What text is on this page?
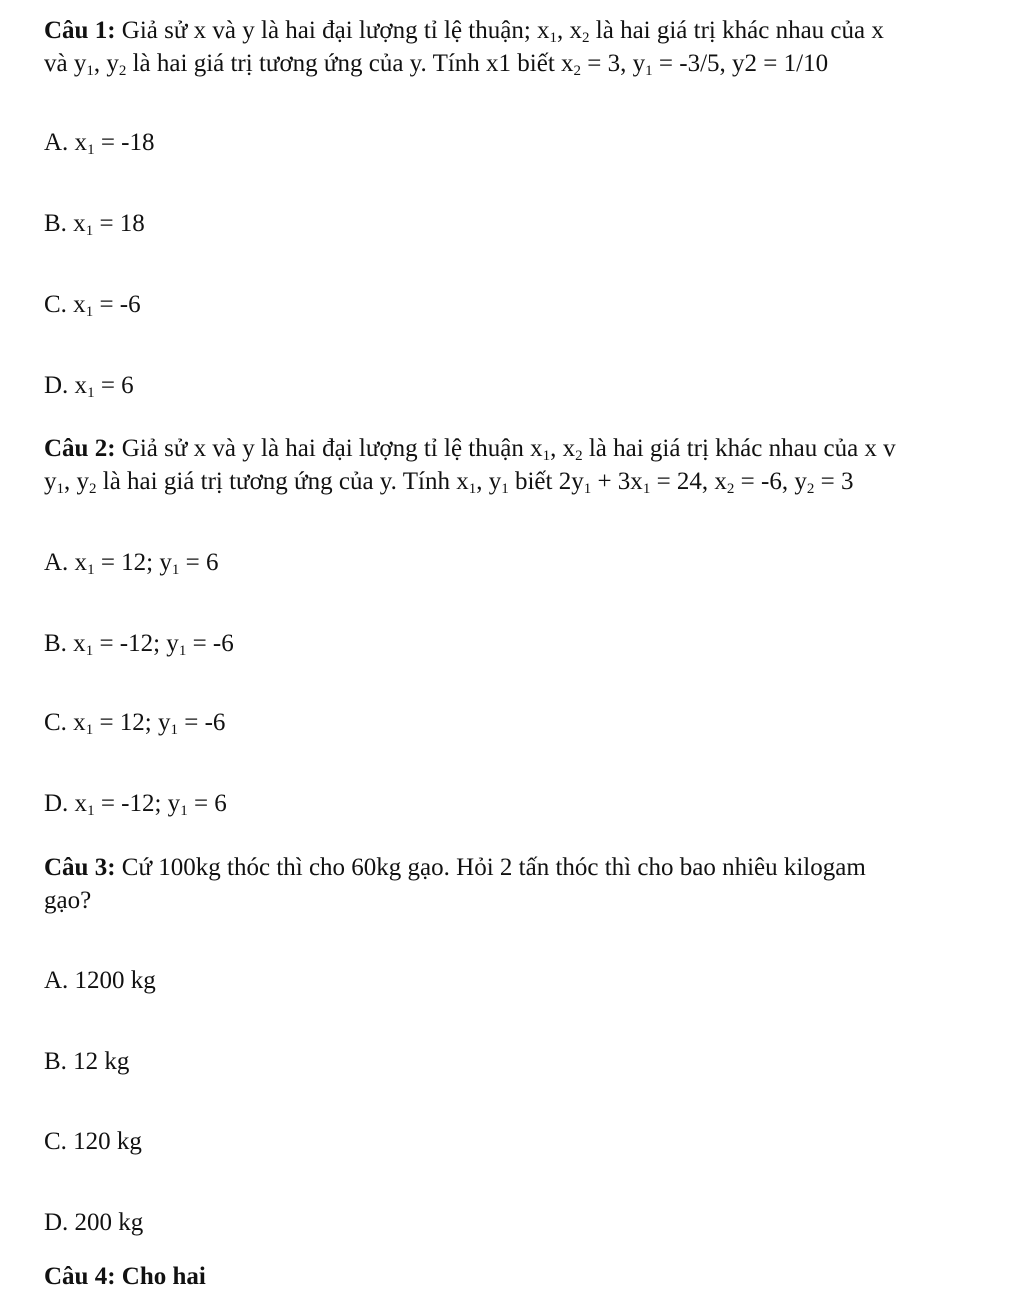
Câu 1: Giả sử x và y là hai đại lượng tỉ lệ thuận; $x_1$, $x_2$ là hai giá trị khác nhau của x
và $y_1$, $y_2$ là hai giá trị tương ứng của y. Tính x1 biết $x_2 = 3$, $y_1 = -3/5$, y2 = 1/10
A. $x_1 = -18$
B. $x_1 = 18$
C. $x_1 = -6$
D. $x_1 = 6$
Câu 2: Giả sử x và y là hai đại lượng tỉ lệ thuận $x_1$, $x_2$ là hai giá trị khác nhau của x v
$y_1$, $y_2$ là hai giá trị tương ứng của y. Tính $x_1$, $y_1$ biết $2y_1 + 3x_1 = 24$, $x_2 = -6$, $y_2 = 3$
A. $x_1 = 12$; $y_1 = 6$
B. $x_1 = -12$; $y_1 = -6$
C. $x_1 = 12$; $y_1 = -6$
D. $x_1 = -12$; $y_1 = 6$
Câu 3: Cứ 100kg thóc thì cho 60kg gạo. Hỏi 2 tấn thóc thì cho bao nhiêu kilogam
gạo?
A. 1200 kg
B. 12 kg
C. 120 kg
D. 200 kg
Câu 4: Cho hai
